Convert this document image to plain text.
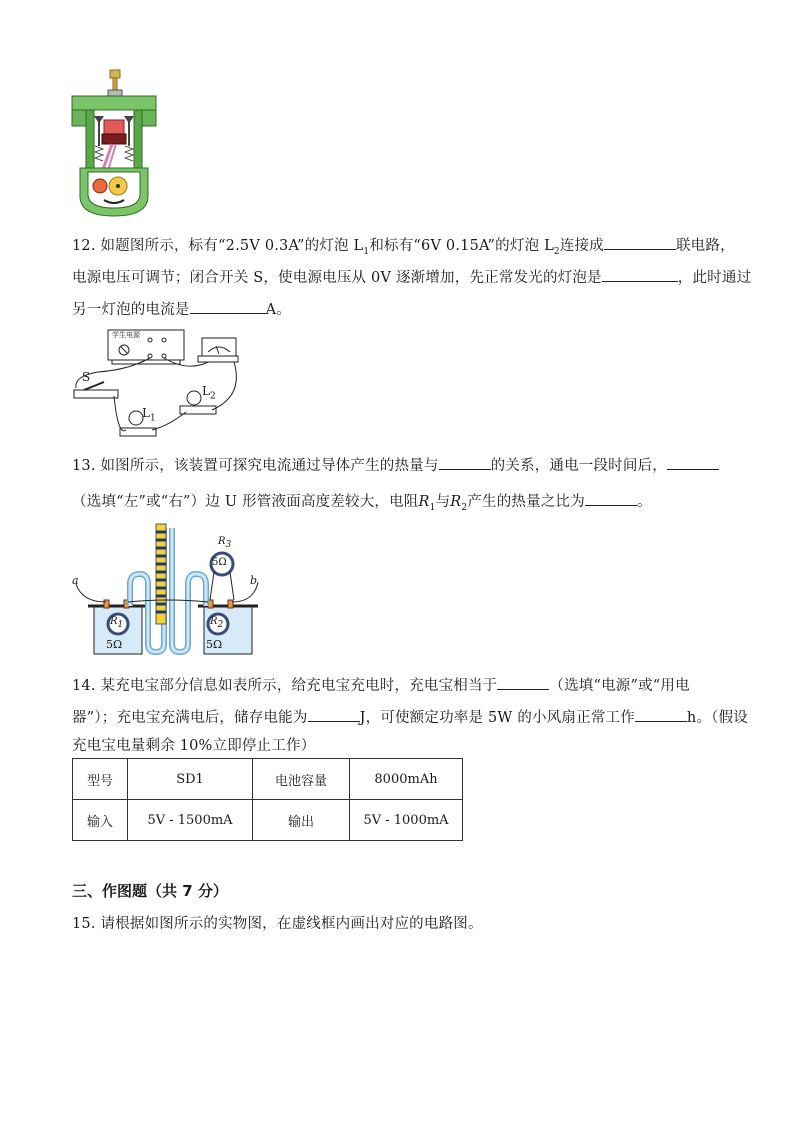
12. 如题图所示，标有“2.5V 0.3A”的灯泡 $L_1$和标有“6V 0.15A”的灯泡 $L_2$连接成	联电路，
电源电压可调节；闭合开关 S，使电源电压从 0V 逐渐增加，先正常发光的灯泡是	，此时通过
另一灯泡的电流是	A。
学生电源
S
$L_1$
$L_2$
13. 如图所示，该装置可探究电流通过导体产生的热量与	的关系，通电一段时间后，
（选填“左”或“右”）边 U 形管液面高度差较大，电阻$R_1$与$R_2$产生的热量之比为	。
a	b
$R_1$
5Ω
$R_2$
5Ω
$R_3$
5Ω
14. 某充电宝部分信息如表所示，给充电宝充电时，充电宝相当于	（选填“电源”或“用电
器”）；充电宝充满电后，储存电能为	J，可使额定功率是 5W 的小风扇正常工作	h。（假设
充电宝电量剩余 10%立即停止工作）
型号	SD1	电池容量	8000mAh
输入	5V - 1500mA	输出	5V - 1000mA
三、作图题（共 7 分）
15. 请根据如图所示的实物图，在虚线框内画出对应的电路图。
